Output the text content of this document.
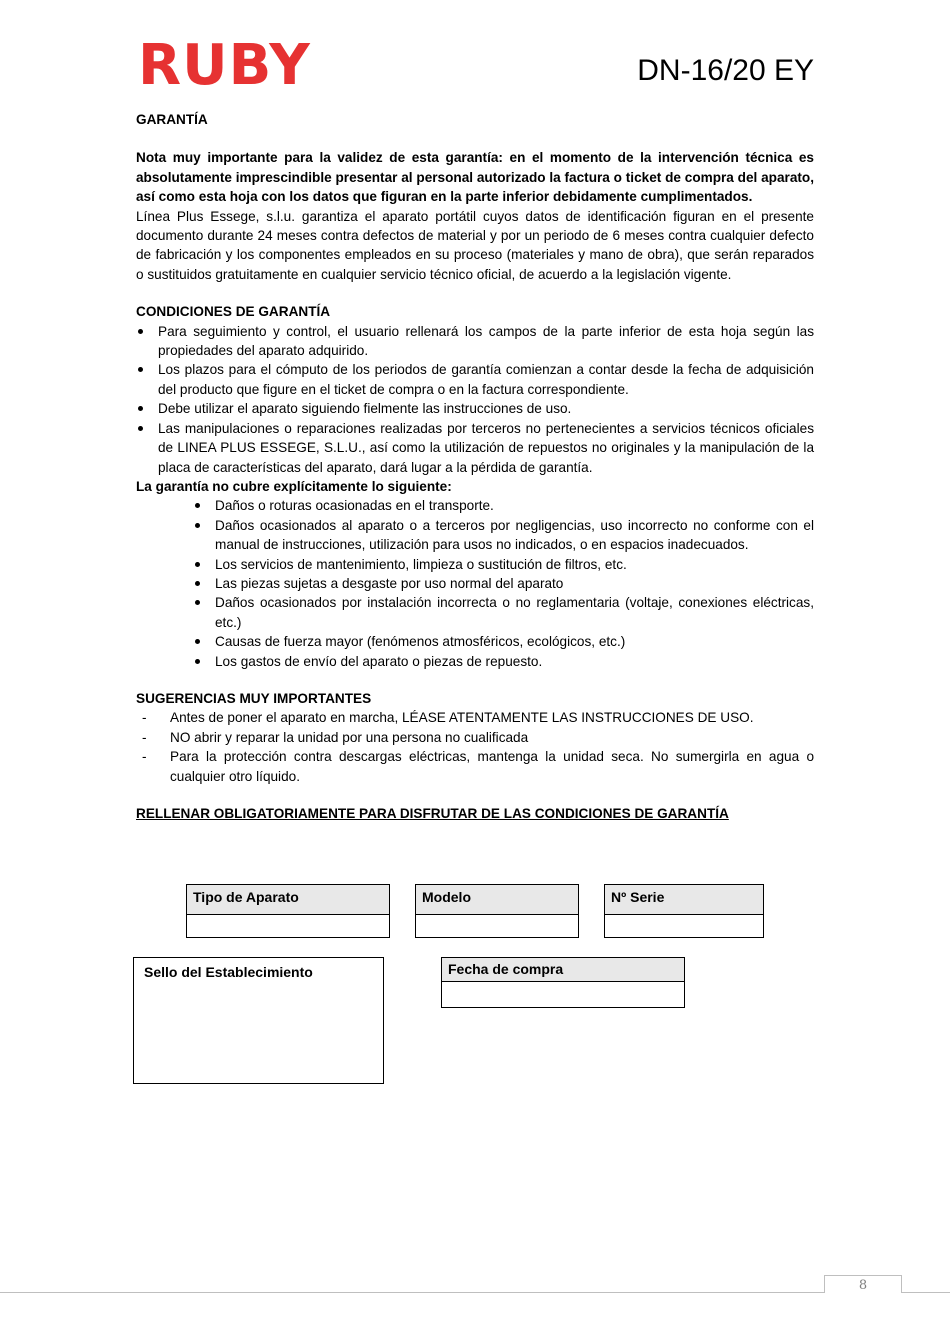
RUBY	DN-16/20 EY

GARANTÍA

Nota muy importante para la validez de esta garantía: en el momento de la intervención técnica es absolutamente imprescindible presentar al personal autorizado la factura o ticket de compra del aparato, así como esta hoja con los datos que figuran en la parte inferior debidamente cumplimentados.

Línea Plus Essege, s.l.u. garantiza el aparato portátil cuyos datos de identificación figuran en el presente documento durante 24 meses contra defectos de material y por un periodo de 6 meses contra cualquier defecto de fabricación y los componentes empleados en su proceso (materiales y mano de obra), que serán reparados o sustituidos gratuitamente en cualquier servicio técnico oficial, de acuerdo a la legislación vigente.

CONDICIONES DE GARANTÍA

Para seguimiento y control, el usuario rellenará los campos de la parte inferior de esta hoja según las propiedades del aparato adquirido.
Los plazos para el cómputo de los periodos de garantía comienzan a contar desde la fecha de adquisición del producto que figure en el ticket de compra o en la factura correspondiente.
Debe utilizar el aparato siguiendo fielmente las instrucciones de uso.
Las manipulaciones o reparaciones realizadas por terceros no pertenecientes a servicios técnicos oficiales de LINEA PLUS ESSEGE, S.L.U., así como la utilización de repuestos no originales y la manipulación de la placa de características del aparato, dará lugar a la pérdida de garantía.

La garantía no cubre explícitamente lo siguiente:

Daños o roturas ocasionadas en el transporte.
Daños ocasionados al aparato o a terceros por negligencias, uso incorrecto no conforme con el manual de instrucciones, utilización para usos no indicados, o en espacios inadecuados.
Los servicios de mantenimiento, limpieza o sustitución de filtros, etc.
Las piezas sujetas a desgaste por uso normal del aparato
Daños ocasionados por instalación incorrecta o no reglamentaria (voltaje, conexiones eléctricas, etc.)
Causas de fuerza mayor (fenómenos atmosféricos, ecológicos, etc.)
Los gastos de envío del aparato o piezas de repuesto.

SUGERENCIAS MUY IMPORTANTES

- Antes de poner el aparato en marcha, LÉASE ATENTAMENTE LAS INSTRUCCIONES DE USO.
- NO abrir y reparar la unidad por una persona no cualificada
- Para la protección contra descargas eléctricas, mantenga la unidad seca. No sumergirla en agua o cualquier otro líquido.

RELLENAR OBLIGATORIAMENTE PARA DISFRUTAR DE LAS CONDICIONES DE GARANTÍA

Tipo de Aparato	Modelo	Nº Serie
Sello del Establecimiento	Fecha de compra
8
